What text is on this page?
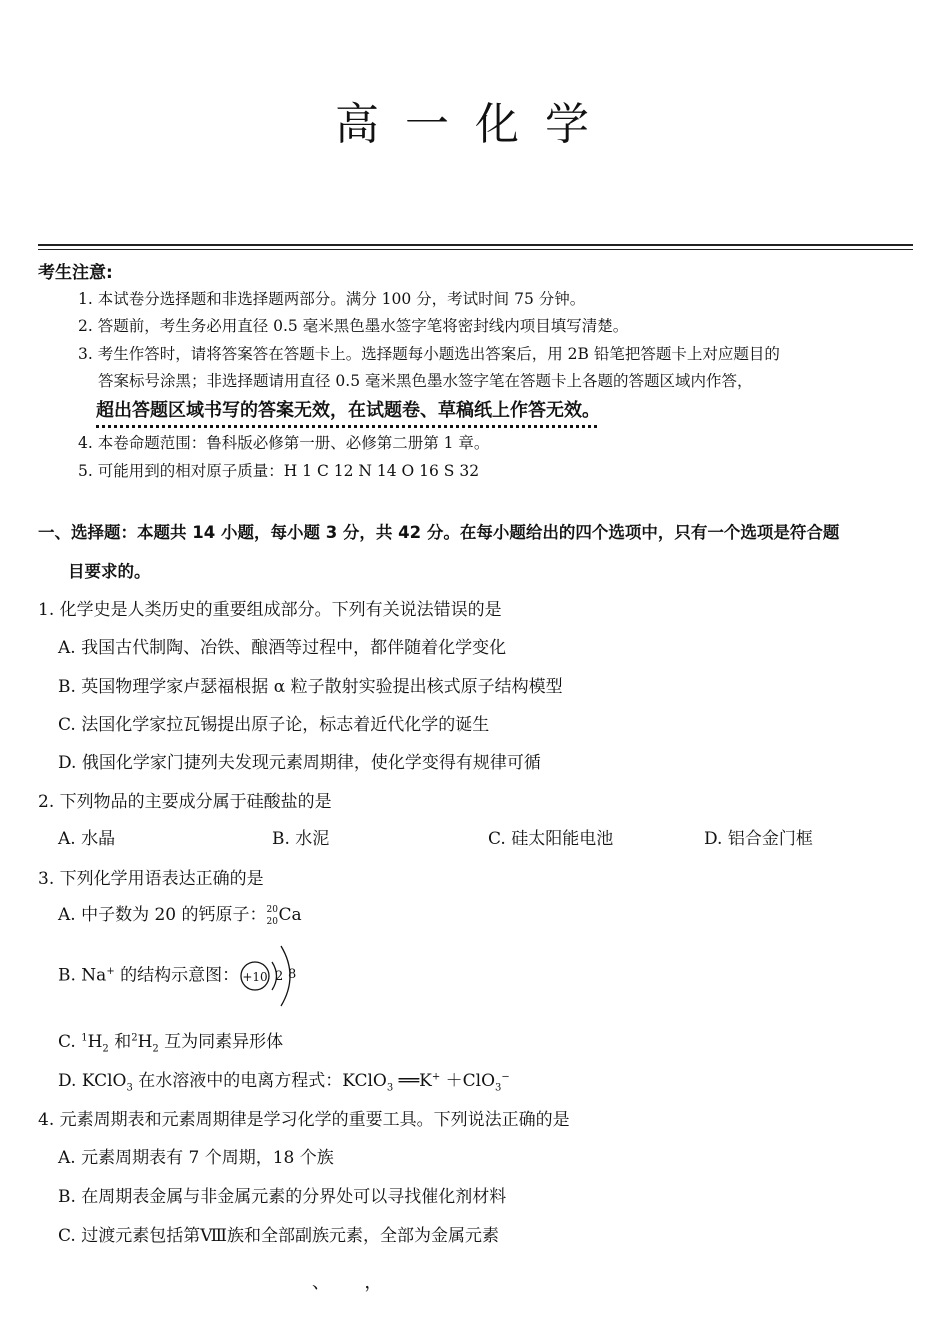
高一化学
考生注意:
1. 本试卷分选择题和非选择题两部分。满分 100 分，考试时间 75 分钟。
2. 答题前，考生务必用直径 0.5 毫米黑色墨水签字笔将密封线内项目填写清楚。
3. 考生作答时，请将答案答在答题卡上。选择题每小题选出答案后，用 2B 铅笔把答题卡上对应题目的
答案标号涂黑；非选择题请用直径 0.5 毫米黑色墨水签字笔在答题卡上各题的答题区域内作答，
超出答题区域书写的答案无效，在试题卷、草稿纸上作答无效。
4. 本卷命题范围：鲁科版必修第一册、必修第二册第 1 章。
5. 可能用到的相对原子质量：H 1 C 12 N 14 O 16 S 32
一、选择题：本题共 14 小题，每小题 3 分，共 42 分。在每小题给出的四个选项中，只有一个选项是符合题
目要求的。
1. 化学史是人类历史的重要组成部分。下列有关说法错误的是
A. 我国古代制陶、冶铁、酿酒等过程中，都伴随着化学变化
B. 英国物理学家卢瑟福根据 α 粒子散射实验提出核式原子结构模型
C. 法国化学家拉瓦锡提出原子论，标志着近代化学的诞生
D. 俄国化学家门捷列夫发现元素周期律，使化学变得有规律可循
2. 下列物品的主要成分属于硅酸盐的是
A. 水晶	B. 水泥	C. 硅太阳能电池	D. 铝合金门框
3. 下列化学用语表达正确的是
A. 中子数为 20 的钙原子： 20
20 Ca
B. Na+ 的结构示意图： +10 2 8
C. $^1H_2$ 和$^2H_2$ 互为同素异形体
D. KClO$_3$ 在水溶液中的电离方程式：KClO$_3$ ══K+ ＋ClO$_3$−
4. 元素周期表和元素周期律是学习化学的重要工具。下列说法正确的是
A. 元素周期表有 7 个周期，18 个族
B. 在周期表金属与非金属元素的分界处可以寻找催化剂材料
C. 过渡元素包括第Ⅷ族和全部副族元素，全部为金属元素
、      ，
